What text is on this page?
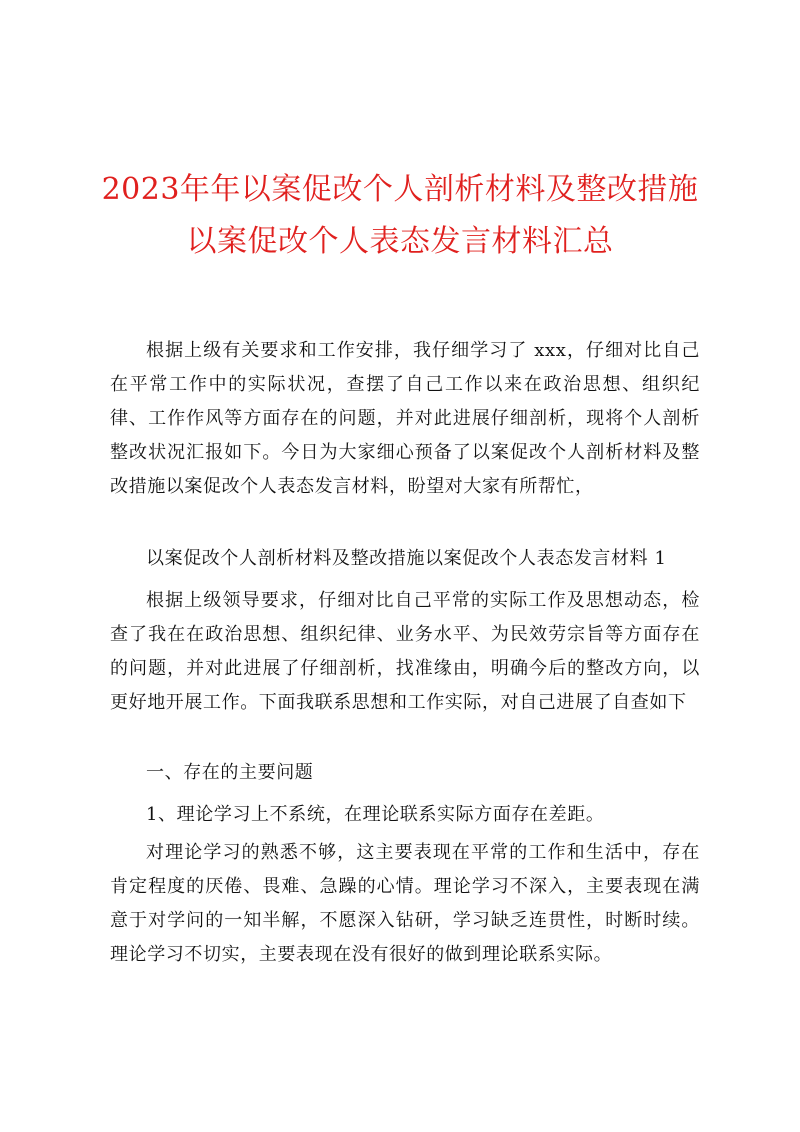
2023年年以案促改个人剖析材料及整改措施
以案促改个人表态发言材料汇总

根据上级有关要求和工作安排，我仔细学习了 xxx，仔细对比自己在平常工作中的实际状况，查摆了自己工作以来在政治思想、组织纪律、工作作风等方面存在的问题，并对此进展仔细剖析，现将个人剖析整改状况汇报如下。今日为大家细心预备了以案促改个人剖析材料及整改措施以案促改个人表态发言材料，盼望对大家有所帮忙，

以案促改个人剖析材料及整改措施以案促改个人表态发言材料 1

根据上级领导要求，仔细对比自己平常的实际工作及思想动态，检查了我在在政治思想、组织纪律、业务水平、为民效劳宗旨等方面存在的问题，并对此进展了仔细剖析，找准缘由，明确今后的整改方向，以更好地开展工作。下面我联系思想和工作实际，对自己进展了自查如下

一、存在的主要问题

1、理论学习上不系统，在理论联系实际方面存在差距。

对理论学习的熟悉不够，这主要表现在平常的工作和生活中，存在肯定程度的厌倦、畏难、急躁的心情。理论学习不深入，主要表现在满意于对学问的一知半解，不愿深入钻研，学习缺乏连贯性，时断时续。理论学习不切实，主要表现在没有很好的做到理论联系实际。
